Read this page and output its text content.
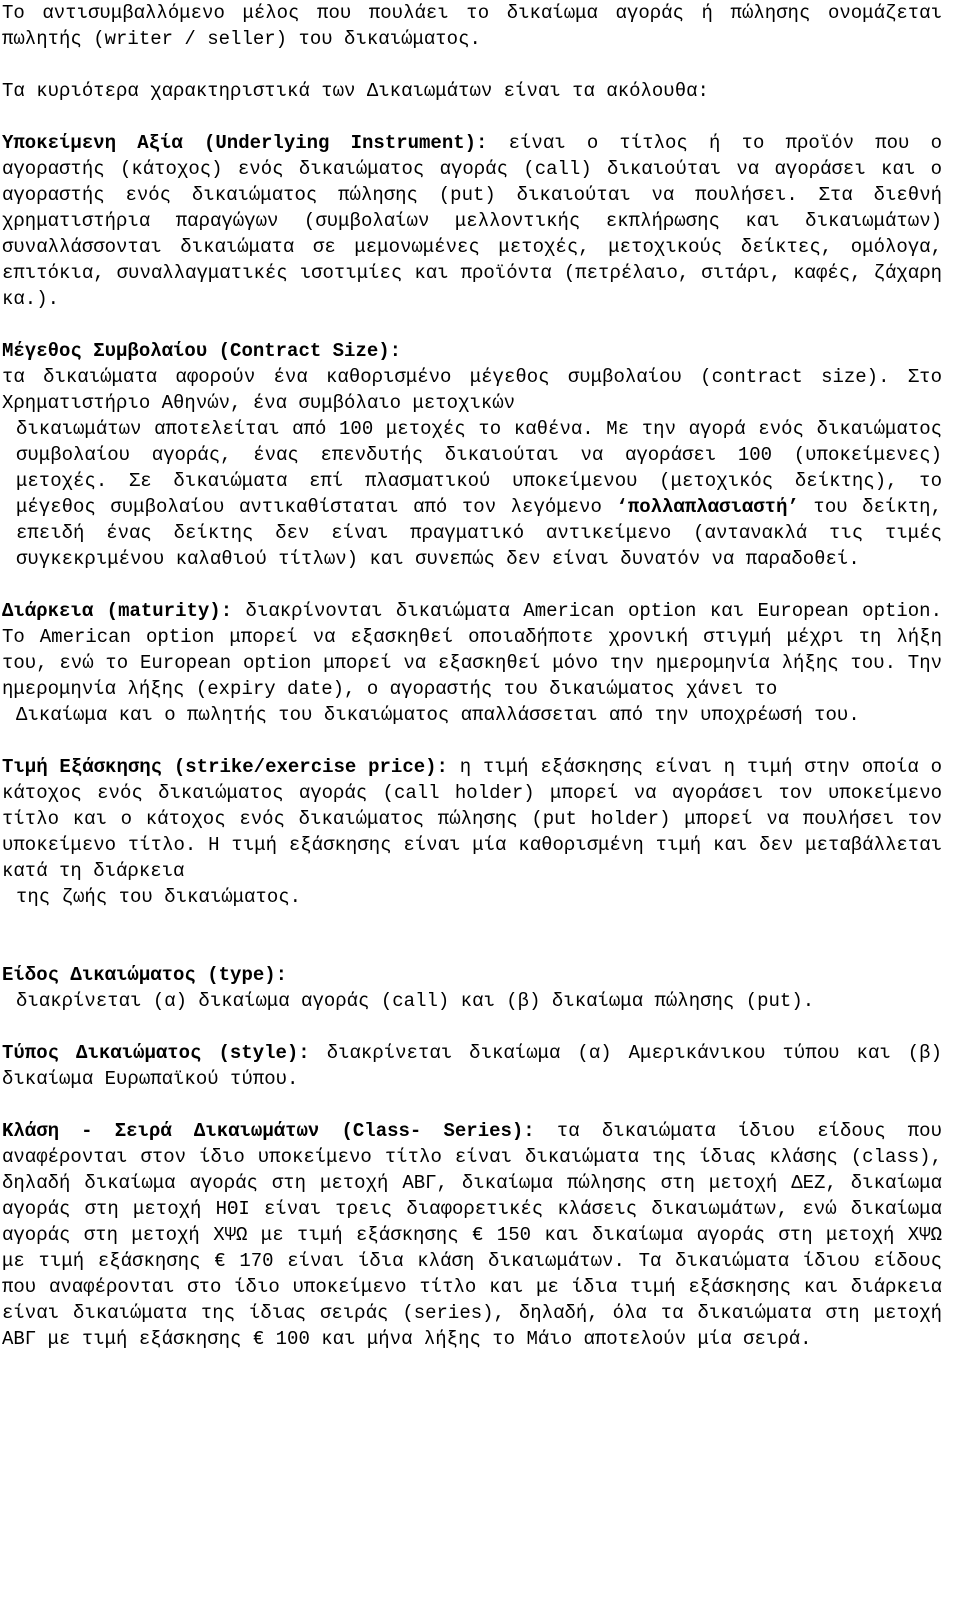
Το αντισυμβαλλόμενο μέλος που πουλάει το δικαίωμα αγοράς ή πώλησης ονομάζεται πωλητής (writer / seller) του δικαιώματος.

Τα κυριότερα χαρακτηριστικά των Δικαιωμάτων είναι τα ακόλουθα:

Υποκείμενη Αξία (Underlying Instrument): είναι ο τίτλος ή το προϊόν που ο αγοραστής (κάτοχος) ενός δικαιώματος αγοράς (call) δικαιούται να αγοράσει και ο αγοραστής ενός δικαιώματος πώλησης (put) δικαιούται να πουλήσει. Στα διεθνή χρηματιστήρια παραγώγων (συμβολαίων μελλοντικής εκπλήρωσης και δικαιωμάτων) συναλλάσσονται δικαιώματα σε μεμονωμένες μετοχές, μετοχικούς δείκτες, ομόλογα, επιτόκια, συναλλαγματικές ισοτιμίες και προϊόντα (πετρέλαιο, σιτάρι, καφές, ζάχαρη κα.).

Μέγεθος Συμβολαίου (Contract Size):

τα δικαιώματα αφορούν ένα καθορισμένο μέγεθος συμβολαίου (contract size). Στο Χρηματιστήριο Αθηνών, ένα συμβόλαιο μετοχικών

δικαιωμάτων αποτελείται από 100 μετοχές το καθένα. Με την αγορά ενός δικαιώματος συμβολαίου αγοράς, ένας επενδυτής δικαιούται να αγοράσει 100 (υποκείμενες) μετοχές. Σε δικαιώματα επί πλασματικού υποκείμενου (μετοχικός δείκτης), το μέγεθος συμβολαίου αντικαθίσταται από τον λεγόμενο ‘πολλαπλασιαστή’ του δείκτη, επειδή ένας δείκτης δεν είναι πραγματικό αντικείμενο (αντανακλά τις τιμές συγκεκριμένου καλαθιού τίτλων) και συνεπώς δεν είναι δυνατόν να παραδοθεί.

Διάρκεια (maturity): διακρίνονται δικαιώματα American option και European option. Το American option μπορεί να εξασκηθεί οποιαδήποτε χρονική στιγμή μέχρι τη λήξη του, ενώ το European option μπορεί να εξασκηθεί μόνο την ημερομηνία λήξης του. Την ημερομηνία λήξης (expiry date), ο αγοραστής του δικαιώματος χάνει το

Δικαίωμα και ο πωλητής του δικαιώματος απαλλάσσεται από την υποχρέωσή του.

Τιμή Εξάσκησης (strike/exercise price): η τιμή εξάσκησης είναι η τιμή στην οποία ο κάτοχος ενός δικαιώματος αγοράς (call holder) μπορεί να αγοράσει τον υποκείμενο τίτλο και ο κάτοχος ενός δικαιώματος πώλησης (put holder) μπορεί να πουλήσει τον υποκείμενο τίτλο. Η τιμή εξάσκησης είναι μία καθορισμένη τιμή και δεν μεταβάλλεται κατά τη διάρκεια

της ζωής του δικαιώματος.

Είδος Δικαιώματος (type):

διακρίνεται (α) δικαίωμα αγοράς (call) και (β) δικαίωμα πώλησης (put).

Τύπος Δικαιώματος (style): διακρίνεται δικαίωμα (α) Αμερικάνικου τύπου και (β) δικαίωμα Ευρωπαϊκού τύπου.

Κλάση - Σειρά Δικαιωμάτων (Class- Series): τα δικαιώματα ίδιου είδους που αναφέρονται στον ίδιο υποκείμενο τίτλο είναι δικαιώματα της ίδιας κλάσης (class), δηλαδή δικαίωμα αγοράς στη μετοχή ΑΒΓ, δικαίωμα πώλησης στη μετοχή ΔΕΖ, δικαίωμα αγοράς στη μετοχή ΗΘΙ είναι τρεις διαφορετικές κλάσεις δικαιωμάτων, ενώ δικαίωμα αγοράς στη μετοχή ΧΨΩ με τιμή εξάσκησης € 150 και δικαίωμα αγοράς στη μετοχή ΧΨΩ με τιμή εξάσκησης € 170 είναι ίδια κλάση δικαιωμάτων. Τα δικαιώματα ίδιου είδους που αναφέρονται στο ίδιο υποκείμενο τίτλο και με ίδια τιμή εξάσκησης και διάρκεια είναι δικαιώματα της ίδιας σειράς (series), δηλαδή, όλα τα δικαιώματα στη μετοχή ΑΒΓ με τιμή εξάσκησης € 100 και μήνα λήξης το Μάιο αποτελούν μία σειρά.
